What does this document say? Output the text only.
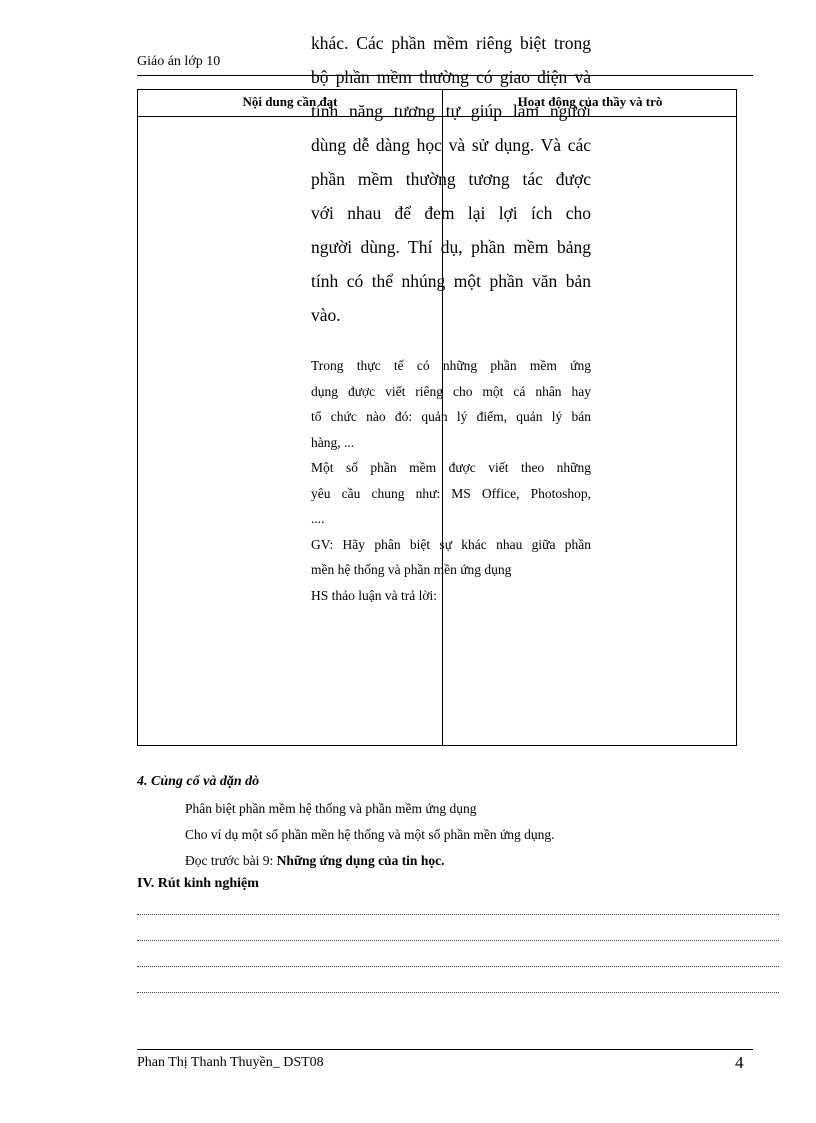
Giáo án lớp 10
Nội dung cần đạt	Hoạt động của thầy và trò
khác. Các phần mềm riêng biệt trong
bộ phần mềm thường có giao diện và
tính năng tương tự giúp làm người
dùng dễ dàng học và sử dụng. Và các
phần mềm thường tương tác được
với nhau để đem lại lợi ích cho
người dùng. Thí dụ, phần mềm bảng
tính có thể nhúng một phần văn bản
vào.
Trong thực tế có những phần mềm ứng
dụng được viết riêng cho một cá nhân hay
tổ chức nào đó: quản lý điểm, quản lý bán
hàng, ...
Một số phần mềm được viết theo những
yêu cầu chung như: MS Office, Photoshop,
....
GV: Hãy phân biệt sự khác nhau giữa phần
mền hệ thống và phần mền ứng dụng
HS thảo luận và trả lời:
4. Củng cố và dặn dò
Phân biệt phần mềm hệ thống và phần mềm ứng dụng
Cho ví dụ một số phần mền hệ thống và một số phần mền ứng dụng.
Đọc trước bài 9: Những ứng dụng của tin học.
IV. Rút kinh nghiệm
Phan Thị Thanh Thuyền_ DST08	4
